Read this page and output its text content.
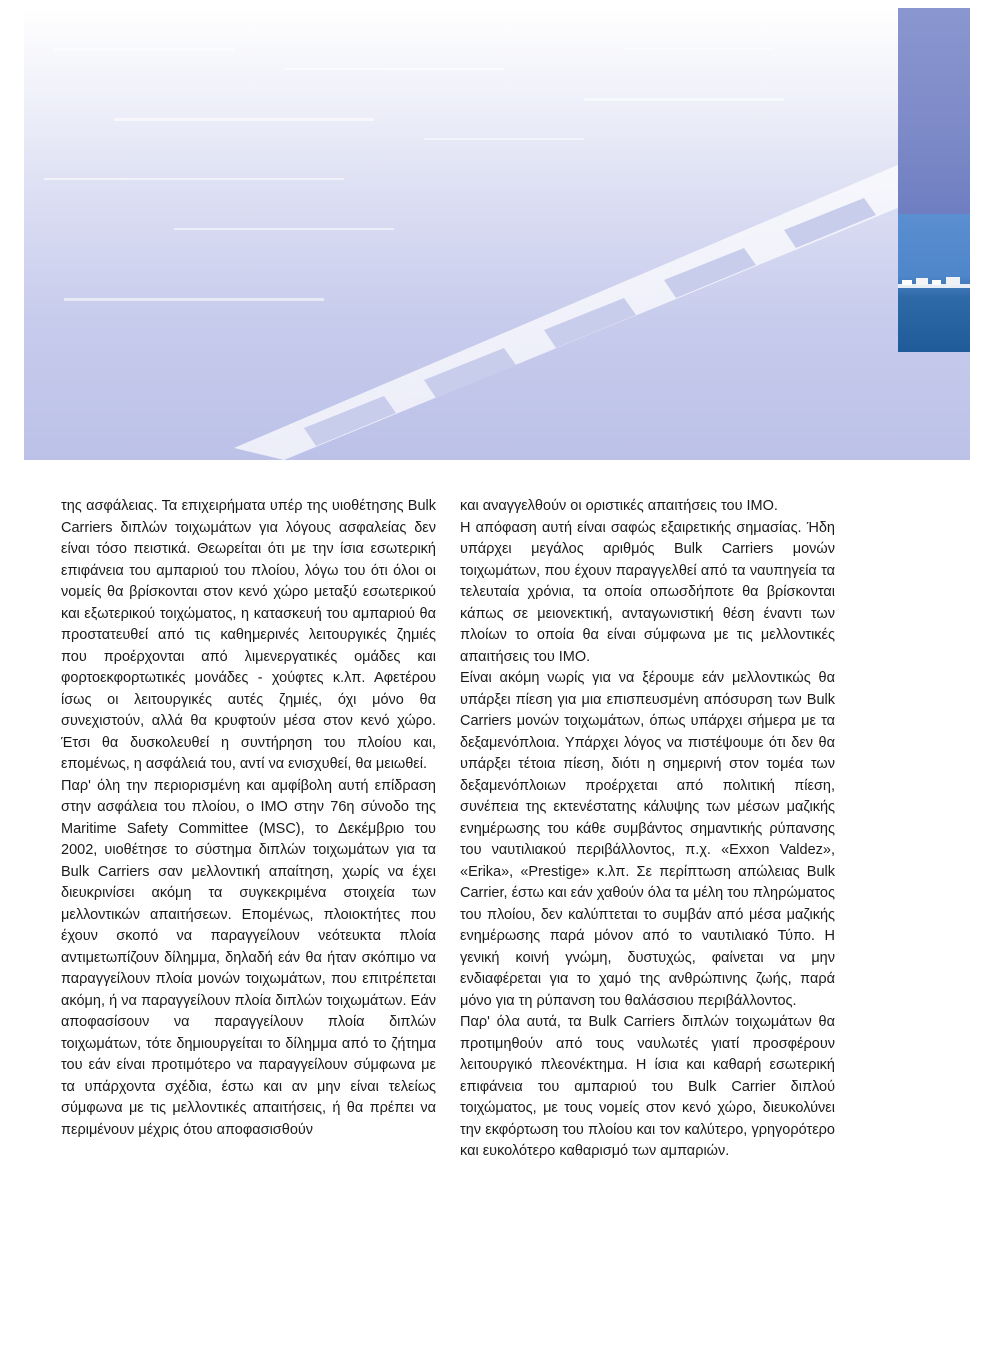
της ασφάλειας. Τα επιχειρήματα υπέρ της υιοθέτησης Bulk Carriers διπλών τοιχωμάτων για λόγους ασφαλείας δεν είναι τόσο πειστικά. Θεωρείται ότι με την ίσια εσωτερική επιφάνεια του αμπαριού του πλοίου, λόγω του ότι όλοι οι νομείς θα βρίσκονται στον κενό χώρο μεταξύ εσωτερικού και εξωτερικού τοιχώματος, η κατασκευή του αμπαριού θα προστατευθεί από τις καθημερινές λειτουργικές ζημιές που προέρχονται από λιμενεργατικές ομάδες και φορτοεκφορτωτικές μονάδες - χούφτες κ.λπ. Αφετέρου ίσως οι λειτουργικές αυτές ζημιές, όχι μόνο θα συνεχιστούν, αλλά θα κρυφτούν μέσα στον κενό χώρο. Έτσι θα δυσκολευθεί η συντήρηση του πλοίου και, επομένως, η ασφάλειά του, αντί να ενισχυθεί, θα μειωθεί.

Παρ' όλη την περιορισμένη και αμφίβολη αυτή επίδραση στην ασφάλεια του πλοίου, ο ΙΜΟ στην 76η σύνοδο της Maritime Safety Committee (MSC), το Δεκέμβριο του 2002, υιοθέτησε το σύστημα διπλών τοιχωμάτων για τα Bulk Carriers σαν μελλοντική απαίτηση, χωρίς να έχει διευκρινίσει ακόμη τα συγκεκριμένα στοιχεία των μελλοντικών απαιτήσεων. Επομένως, πλοιοκτήτες που έχουν σκοπό να παραγγείλουν νεότευκτα πλοία αντιμετωπίζουν δίλημμα, δηλαδή εάν θα ήταν σκόπιμο να παραγγείλουν πλοία μονών τοιχωμάτων, που επιτρέπεται ακόμη, ή να παραγγείλουν πλοία διπλών τοιχωμάτων. Εάν αποφασίσουν να παραγγείλουν πλοία διπλών τοιχωμάτων, τότε δημιουργείται το δίλημμα από το ζήτημα του εάν είναι προτιμότερο να παραγγείλουν σύμφωνα με τα υπάρχοντα σχέδια, έστω και αν μην είναι τελείως σύμφωνα με τις μελλοντικές απαιτήσεις, ή θα πρέπει να περιμένουν μέχρις ότου αποφασισθούν

και αναγγελθούν οι οριστικές απαιτήσεις του ΙΜΟ.

Η απόφαση αυτή είναι σαφώς εξαιρετικής σημασίας. Ήδη υπάρχει μεγάλος αριθμός Bulk Carriers μονών τοιχωμάτων, που έχουν παραγγελθεί από τα ναυπηγεία τα τελευταία χρόνια, τα οποία οπωσδήποτε θα βρίσκονται κάπως σε μειονεκτική, ανταγωνιστική θέση έναντι των πλοίων το οποία θα είναι σύμφωνα με τις μελλοντικές απαιτήσεις του ΙΜΟ.

Είναι ακόμη νωρίς για να ξέρουμε εάν μελλοντικώς θα υπάρξει πίεση για μια επισπευσμένη απόσυρση των Bulk Carriers μονών τοιχωμάτων, όπως υπάρχει σήμερα με τα δεξαμενόπλοια. Υπάρχει λόγος να πιστέψουμε ότι δεν θα υπάρξει τέτοια πίεση, διότι η σημερινή στον τομέα των δεξαμενόπλοιων προέρχεται από πολιτική πίεση, συνέπεια της εκτενέστατης κάλυψης των μέσων μαζικής ενημέρωσης του κάθε συμβάντος σημαντικής ρύπανσης του ναυτιλιακού περιβάλλοντος, π.χ. «Exxon Valdez», «Erika», «Prestige» κ.λπ. Σε περίπτωση απώλειας Bulk Carrier, έστω και εάν χαθούν όλα τα μέλη του πληρώματος του πλοίου, δεν καλύπτεται το συμβάν από μέσα μαζικής ενημέρωσης παρά μόνον από το ναυτιλιακό Τύπο. Η γενική κοινή γνώμη, δυστυχώς, φαίνεται να μην ενδιαφέρεται για το χαμό της ανθρώπινης ζωής, παρά μόνο για τη ρύπανση του θαλάσσιου περιβάλλοντος.

Παρ' όλα αυτά, τα Bulk Carriers διπλών τοιχωμάτων θα προτιμηθούν από τους ναυλωτές γιατί προσφέρουν λειτουργικό πλεονέκτημα. Η ίσια και καθαρή εσωτερική επιφάνεια του αμπαριού του Bulk Carrier διπλού τοιχώματος, με τους νομείς στον κενό χώρο, διευκολύνει την εκφόρτωση του πλοίου και τον καλύτερο, γρηγορότερο και ευκολότερο καθαρισμό των αμπαριών.
